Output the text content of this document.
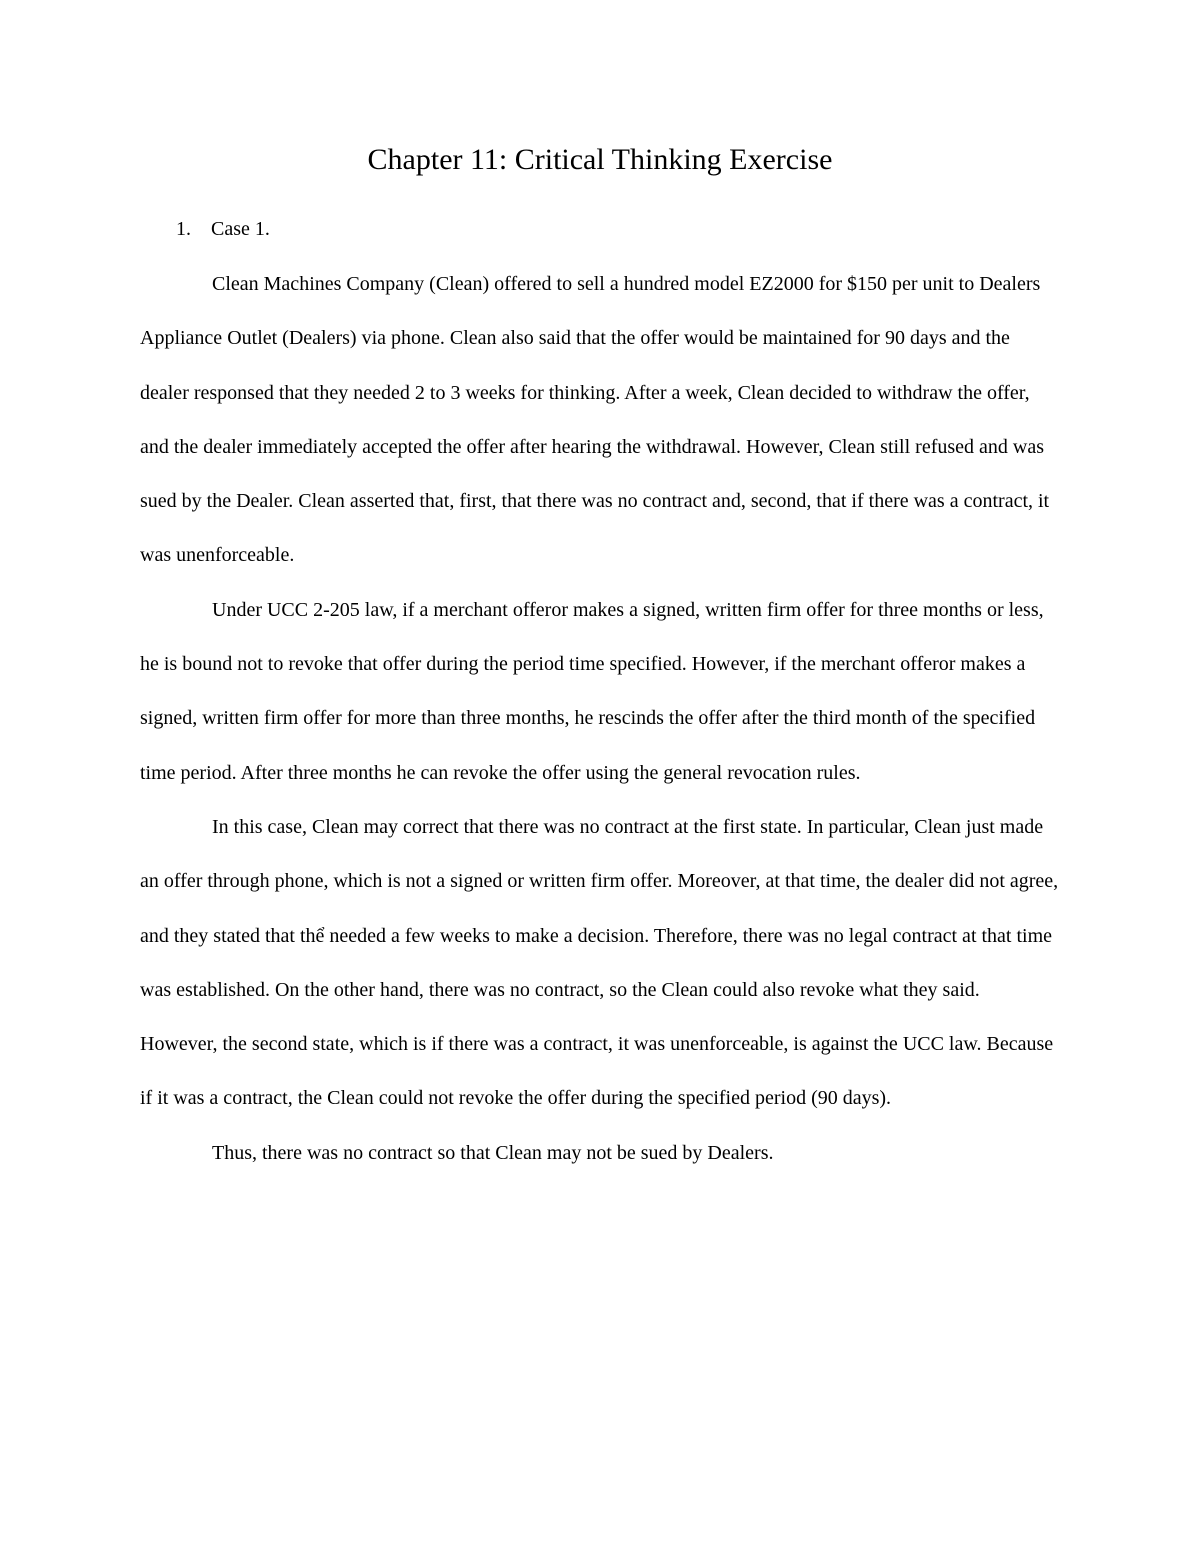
Chapter 11: Critical Thinking Exercise

1. Case 1.

Clean Machines Company (Clean) offered to sell a hundred model EZ2000 for $150 per unit to Dealers Appliance Outlet (Dealers) via phone. Clean also said that the offer would be maintained for 90 days and the dealer responsed that they needed 2 to 3 weeks for thinking. After a week, Clean decided to withdraw the offer, and the dealer immediately accepted the offer after hearing the withdrawal. However, Clean still refused and was sued by the Dealer. Clean asserted that, first, that there was no contract and, second, that if there was a contract, it was unenforceable.

Under UCC 2-205 law, if a merchant offeror makes a signed, written firm offer for three months or less, he is bound not to revoke that offer during the period time specified. However, if the merchant offeror makes a signed, written firm offer for more than three months, he rescinds the offer after the third month of the specified time period. After three months he can revoke the offer using the general revocation rules.

In this case, Clean may correct that there was no contract at the first state. In particular, Clean just made an offer through phone, which is not a signed or written firm offer. Moreover, at that time, the dealer did not agree, and they stated that thể needed a few weeks to make a decision. Therefore, there was no legal contract at that time was established. On the other hand, there was no contract, so the Clean could also revoke what they said. However, the second state, which is if there was a contract, it was unenforceable, is against the UCC law. Because if it was a contract, the Clean could not revoke the offer during the specified period (90 days).

Thus, there was no contract so that Clean may not be sued by Dealers.
